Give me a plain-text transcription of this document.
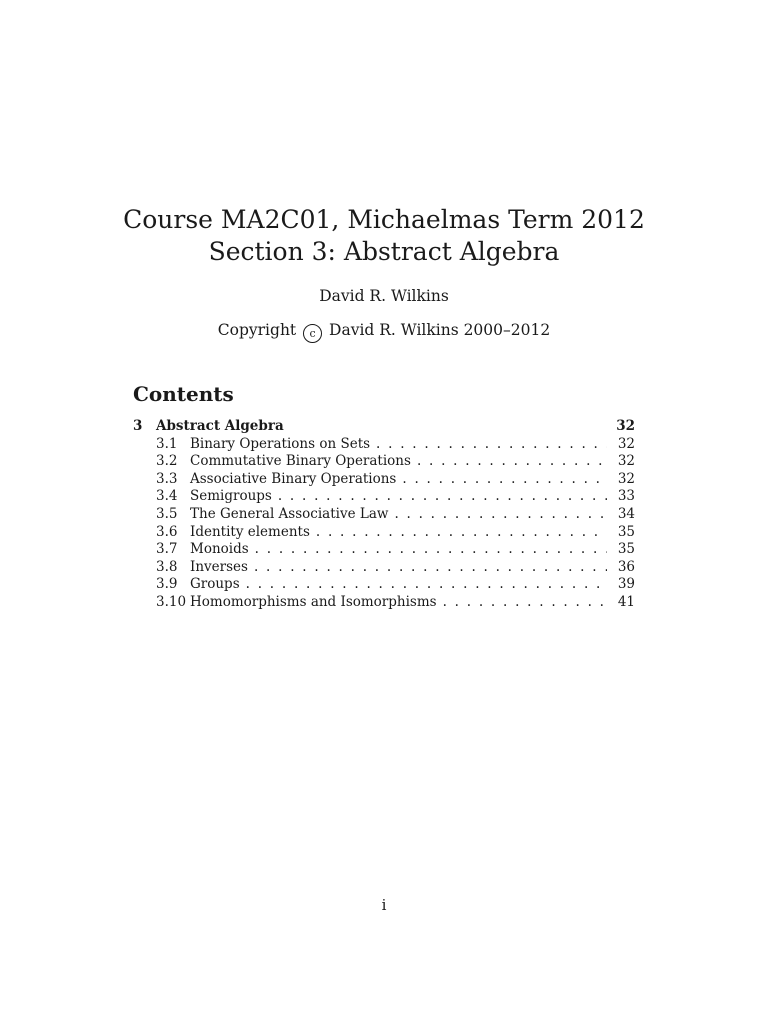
Course MA2C01, Michaelmas Term 2012
Section 3: Abstract Algebra
David R. Wilkins
Copyright c David R. Wilkins 2000–2012
Contents
3	Abstract Algebra	32
3.1 Binary Operations on Sets . . .	32
3.2 Commutative Binary Operations . . .	32
3.3 Associative Binary Operations . . .	32
3.4 Semigroups . . .	33
3.5 The General Associative Law . . .	34
3.6 Identity elements . . .	35
3.7 Monoids . . .	35
3.8 Inverses . . .	36
3.9 Groups . . .	39
3.10 Homomorphisms and Isomorphisms . . .	41
i
